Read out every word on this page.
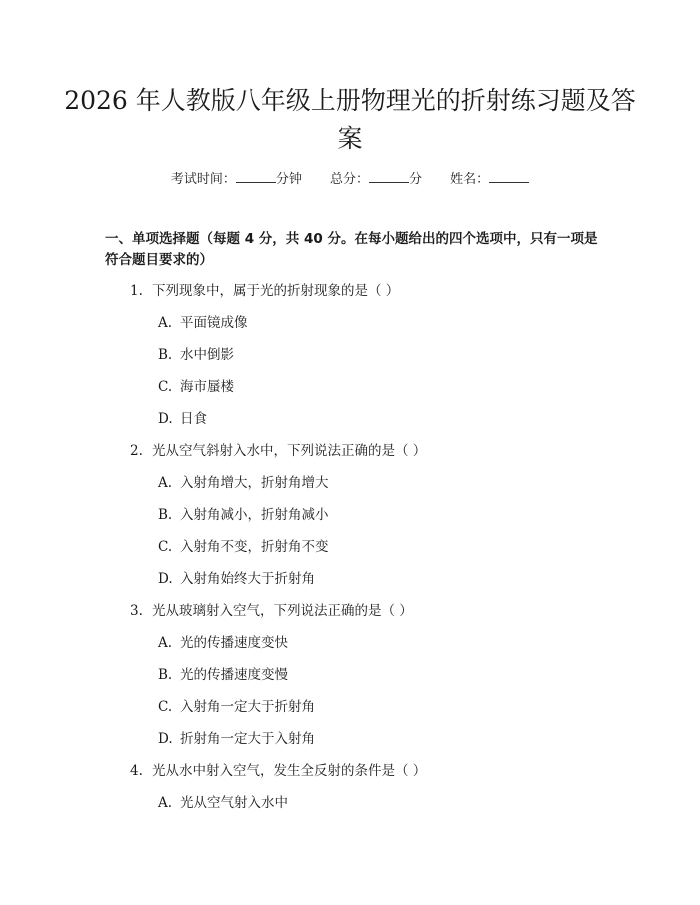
2026 年人教版八年级上册物理光的折射练习题及答案
考试时间：	分钟 总分：	分 姓名：
一、单项选择题（每题 4 分，共 40 分。在每小题给出的四个选项中，只有一项是符合题目要求的）
1. 下列现象中，属于光的折射现象的是（ ）
A. 平面镜成像
B. 水中倒影
C. 海市蜃楼
D. 日食
2. 光从空气斜射入水中，下列说法正确的是（ ）
A. 入射角增大，折射角增大
B. 入射角减小，折射角减小
C. 入射角不变，折射角不变
D. 入射角始终大于折射角
3. 光从玻璃射入空气，下列说法正确的是（ ）
A. 光的传播速度变快
B. 光的传播速度变慢
C. 入射角一定大于折射角
D. 折射角一定大于入射角
4. 光从水中射入空气，发生全反射的条件是（ ）
A. 光从空气射入水中
